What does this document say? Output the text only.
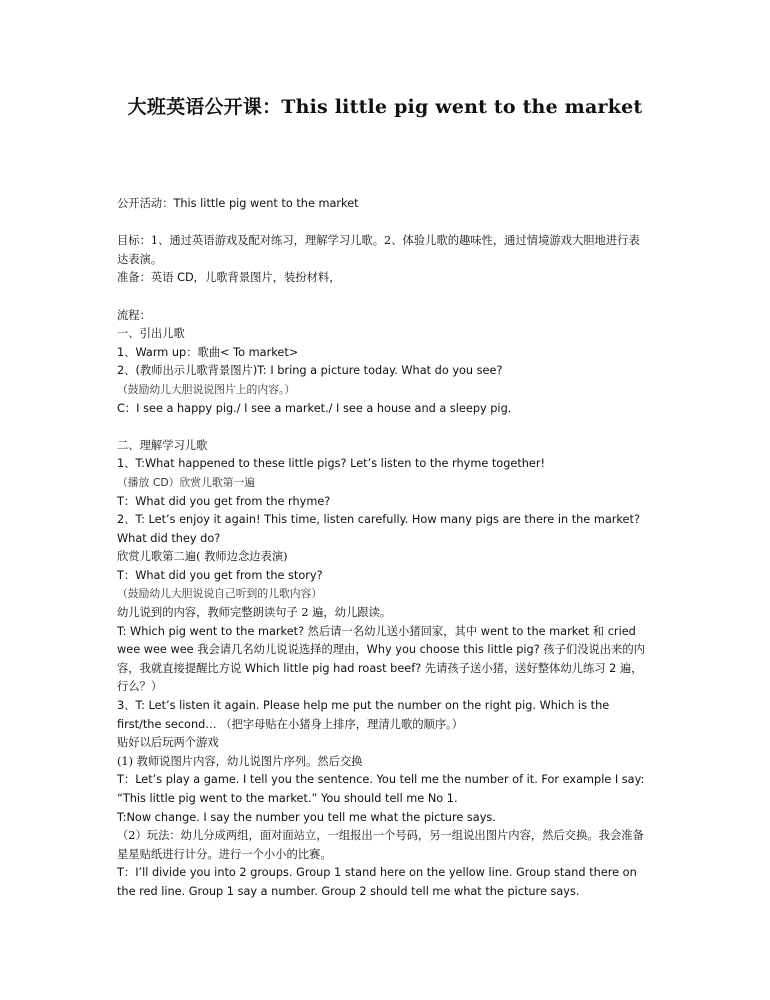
大班英语公开课：This little pig went to the market

公开活动：This little pig went to the market

目标：1、通过英语游戏及配对练习，理解学习儿歌。2、体验儿歌的趣味性，通过情境游戏大胆地进行表达表演。

准备：英语 CD，儿歌背景图片，装扮材料，

流程：

一、引出儿歌

1、Warm up：歌曲< To market>

2、(教师出示儿歌背景图片)T: I bring a picture today. What do you see?

（鼓励幼儿大胆说说图片上的内容。）

C：I see a happy pig./ I see a market./ I see a house and a sleepy pig.

二、理解学习儿歌

1、T:What happened to these little pigs? Let’s listen to the rhyme together!

（播放 CD）欣赏儿歌第一遍

T：What did you get from the rhyme?

2、T: Let’s enjoy it again! This time, listen carefully. How many pigs are there in the market? What did they do?

欣赏儿歌第二遍( 教师边念边表演)

T：What did you get from the story?

（鼓励幼儿大胆说说自己听到的儿歌内容）

幼儿说到的内容，教师完整朗读句子 2 遍，幼儿跟读。

T: Which pig went to the market? 然后请一名幼儿送小猪回家，其中 went to the market 和 cried wee wee wee 我会请几名幼儿说说选择的理由，Why you choose this little pig? 孩子们没说出来的内容，我就直接提醒比方说 Which little pig had roast beef? 先请孩子送小猪，送好整体幼儿练习 2 遍，行么？）

3、T: Let’s listen it again. Please help me put the number on the right pig. Which is the first/the second… （把字母贴在小猪身上排序，理清儿歌的顺序。）

贴好以后玩两个游戏

(1) 教师说图片内容，幼儿说图片序列。然后交换

T：Let’s play a game. I tell you the sentence. You tell me the number of it. For example I say: “This little pig went to the market.” You should tell me No 1.

T:Now change. I say the number you tell me what the picture says.

（2）玩法：幼儿分成两组，面对面站立，一组报出一个号码，另一组说出图片内容，然后交换。我会准备星星贴纸进行计分。进行一个小小的比赛。

T：I’ll divide you into 2 groups. Group 1 stand here on the yellow line. Group stand there on the red line. Group 1 say a number. Group 2 should tell me what the picture says.
